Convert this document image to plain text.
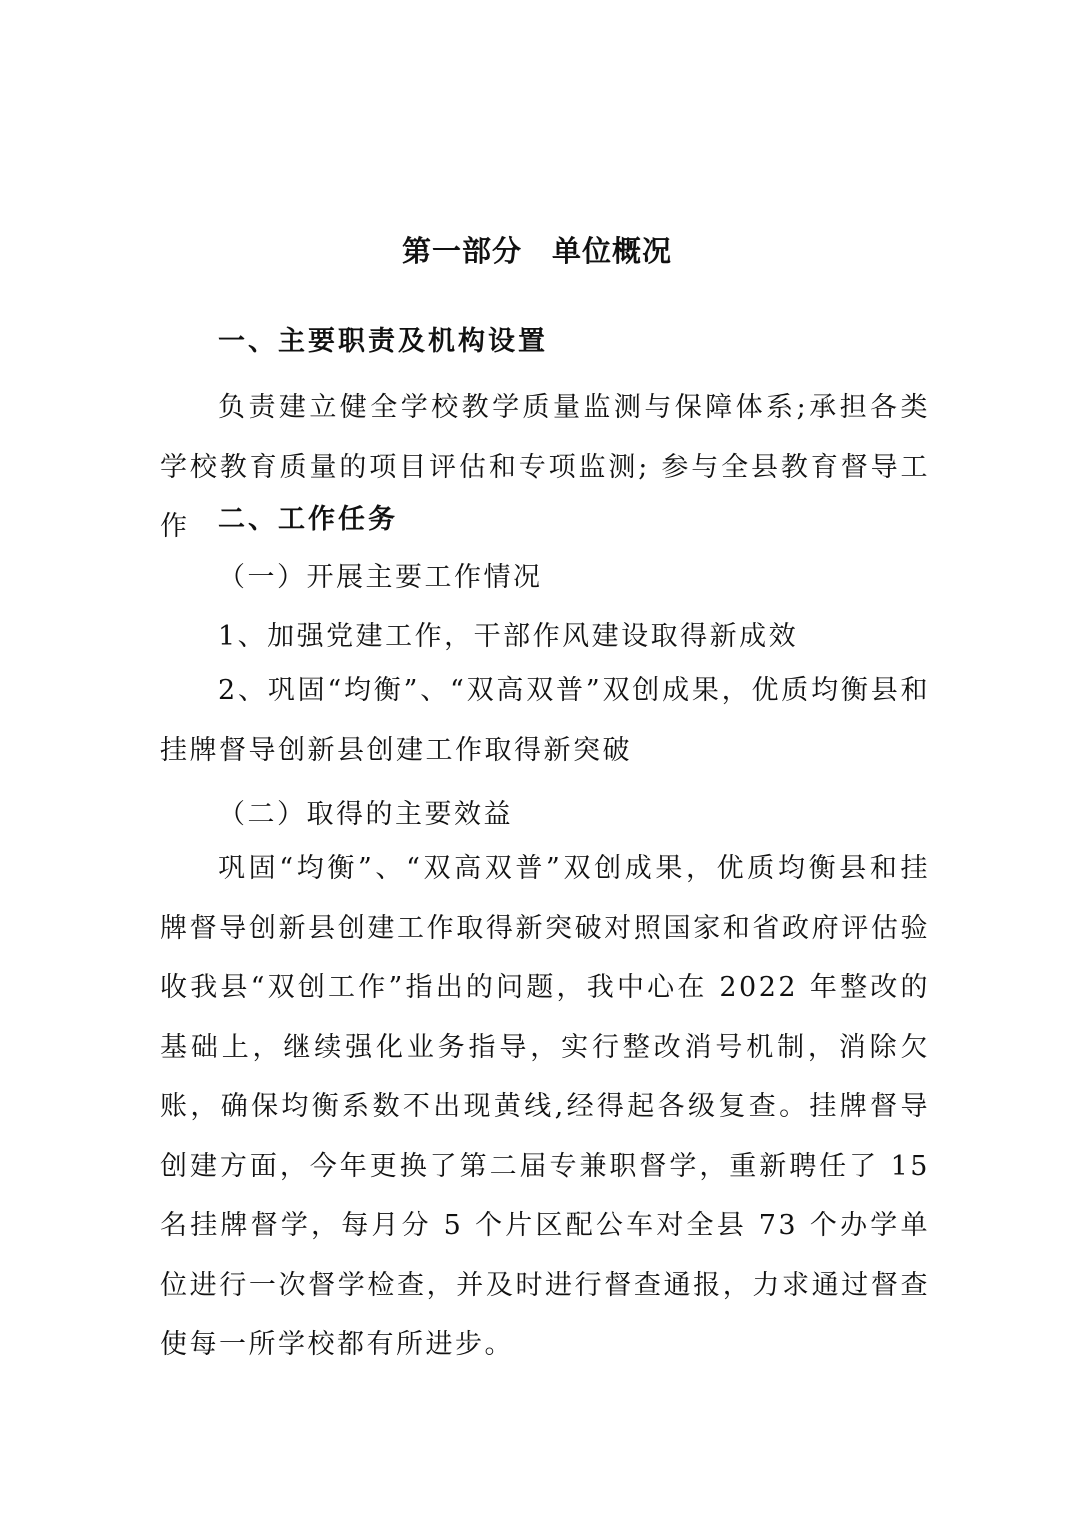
第一部分　单位概况
一、主要职责及机构设置

负责建立健全学校教学质量监测与保障体系;承担各类学校教育质量的项目评估和专项监测; 参与全县教育督导工作	二、工作任务

（一）开展主要工作情况

1、加强党建工作，干部作风建设取得新成效

2、巩固“均衡”、“双高双普”双创成果，优质均衡县和挂牌督导创新县创建工作取得新突破

（二）取得的主要效益

巩固“均衡”、“双高双普”双创成果，优质均衡县和挂牌督导创新县创建工作取得新突破对照国家和省政府评估验收我县“双创工作”指出的问题，我中心在 2022 年整改的基础上，继续强化业务指导，实行整改消号机制，消除欠账，确保均衡系数不出现黄线,经得起各级复查。挂牌督导创建方面，今年更换了第二届专兼职督学，重新聘任了 15 名挂牌督学，每月分 5 个片区配公车对全县 73 个办学单位进行一次督学检查，并及时进行督查通报，力求通过督查使每一所学校都有所进步。
